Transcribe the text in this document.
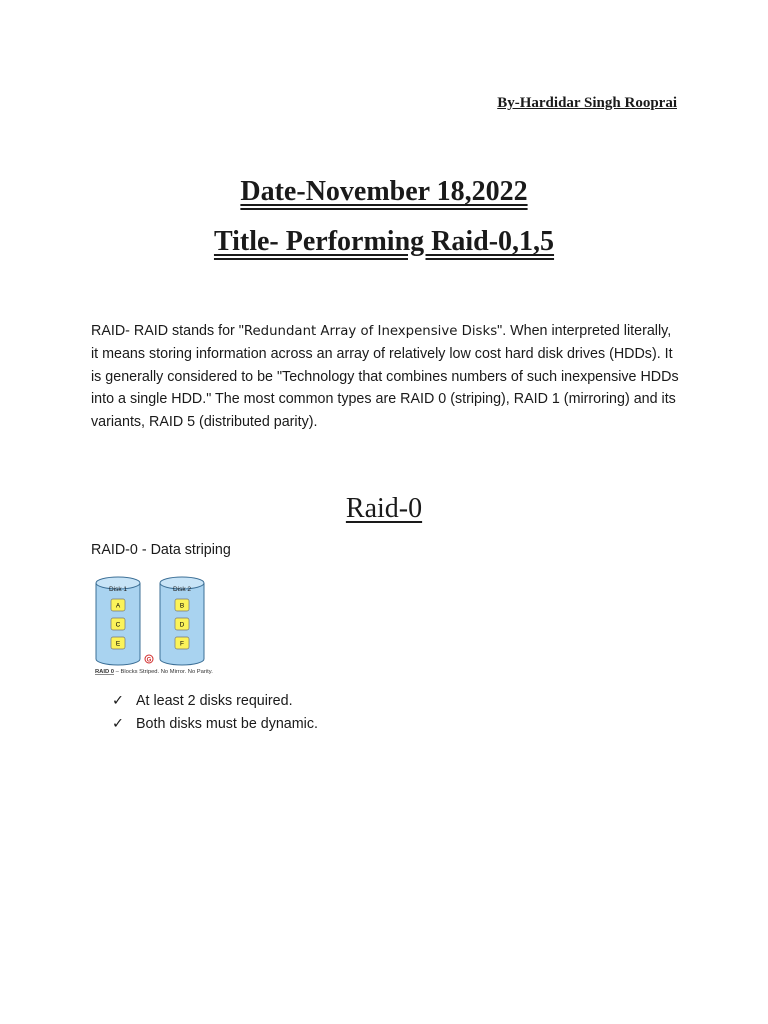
By-Hardidar Singh Rooprai
Date-November 18,2022
Title- Performing Raid-0,1,5

RAID- RAID stands for "Redundant Array of Inexpensive Disks". When interpreted literally, it means storing information across an array of relatively low cost hard disk drives (HDDs). It is generally considered to be "Technology that combines numbers of such inexpensive HDDs into a single HDD." The most common types are RAID 0 (striping), RAID 1 (mirroring) and its variants, RAID 5 (distributed parity).

Raid-0
RAID-0 - Data striping
Disk 1
A
C
E
Disk 2
B
D
F
G
RAID 0 – Blocks Striped. No Mirror. No Parity.
✓ At least 2 disks required.
✓ Both disks must be dynamic.
